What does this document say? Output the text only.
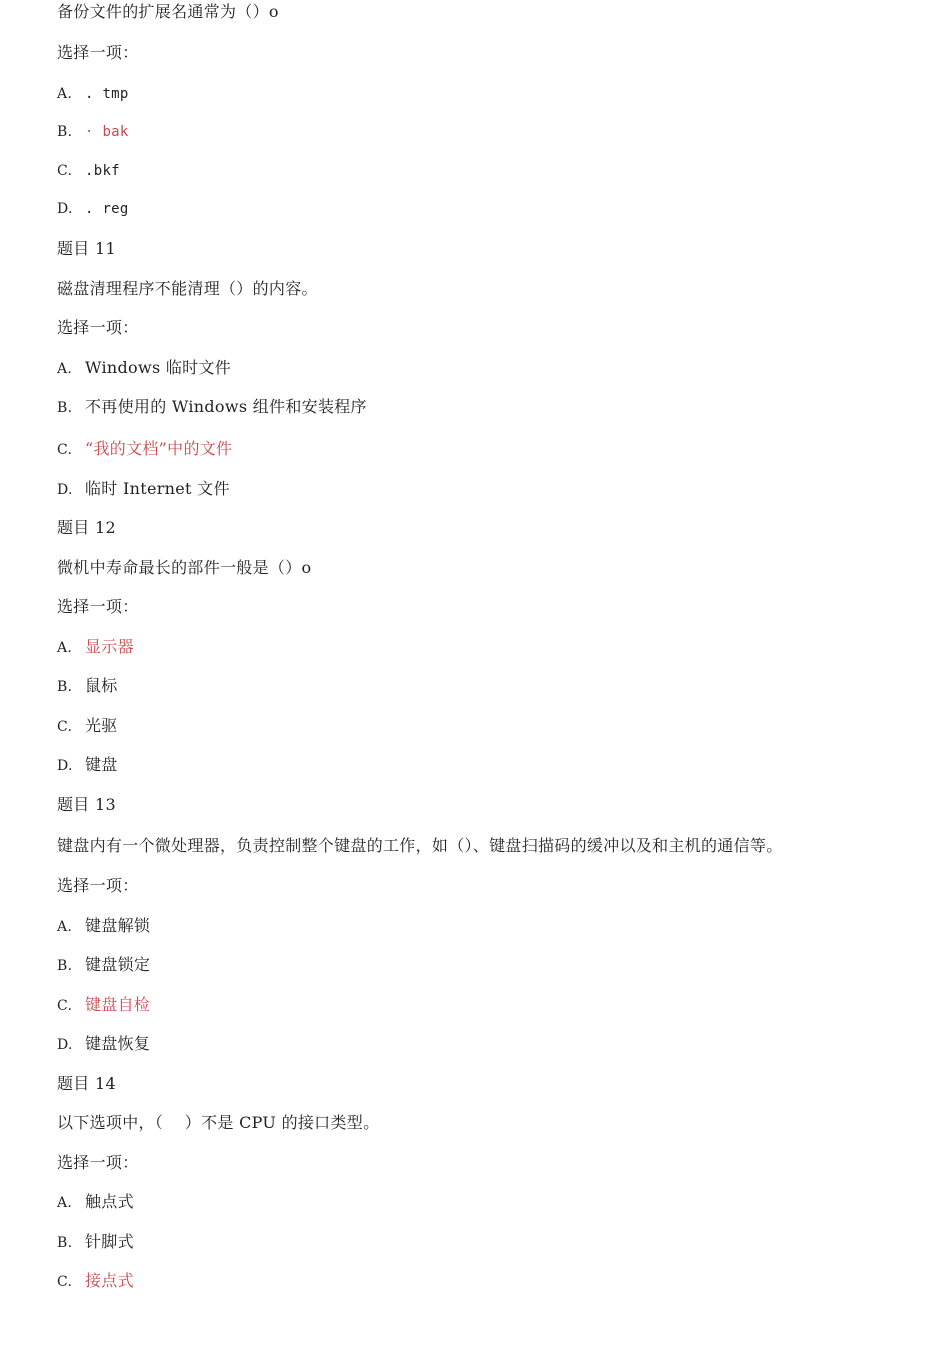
备份文件的扩展名通常为（）o
选择一项：
A. . tmp
B. · bak
C. .bkf
D. . reg
题目 11
磁盘清理程序不能清理（）的内容。
选择一项：
A. Windows 临时文件
B. 不再使用的 Windows 组件和安装程序
C. “我的文档”中的文件
D. 临时 Internet 文件
题目 12
微机中寿命最长的部件一般是（）o
选择一项：
A. 显示器
B. 鼠标
C. 光驱
D. 键盘
题目 13
键盘内有一个微处理器，负责控制整个键盘的工作，如（）、键盘扫描码的缓冲以及和主机的通信等。
选择一项：
A. 键盘解锁
B. 键盘锁定
C. 键盘自检
D. 键盘恢复
题目 14
以下选项中，（　 ）不是 CPU 的接口类型。
选择一项：
A. 触点式
B. 针脚式
C. 接点式
